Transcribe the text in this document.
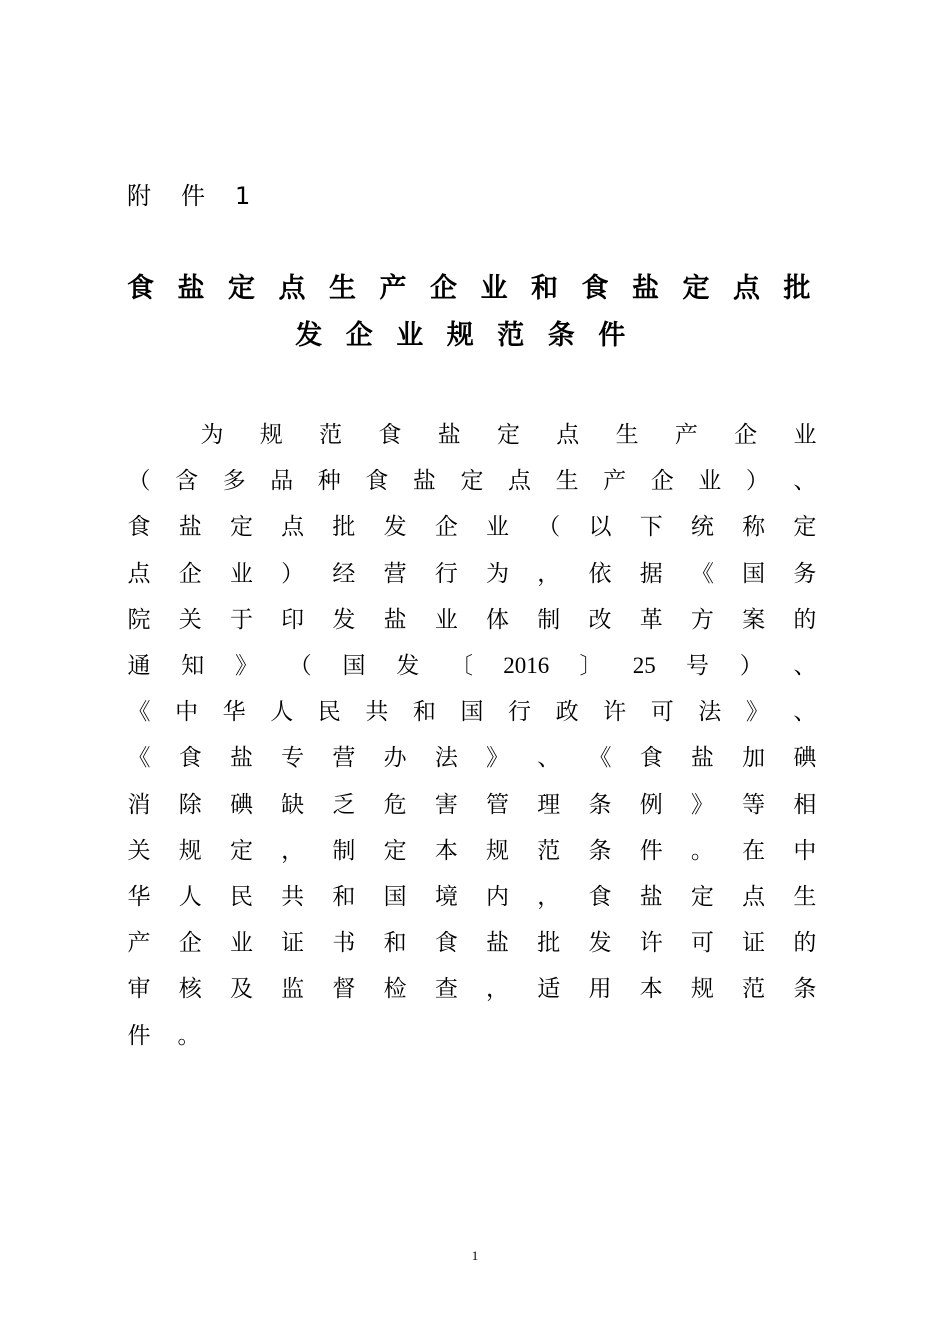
附 件 1
食盐定点生产企业和食盐定点批
发企业规范条件
为 规 范 食 盐 定 点 生 产 企 业
（ 含 多 品 种 食 盐 定 点 生 产 企 业 ） 、
食 盐 定 点 批 发 企 业 （ 以 下 统 称 定
点 企 业 ） 经 营 行 为 ， 依 据 《 国 务
院 关 于 印 发 盐 业 体 制 改 革 方 案 的
通 知 》 （ 国 发 〔 2016 〕 25 号 ） 、
《 中 华 人 民 共 和 国 行 政 许 可 法 》 、
《 食 盐 专 营 办 法 》 、 《 食 盐 加 碘
消 除 碘 缺 乏 危 害 管 理 条 例 》 等 相
关 规 定 ， 制 定 本 规 范 条 件 。 在 中
华 人 民 共 和 国 境 内 ， 食 盐 定 点 生
产 企 业 证 书 和 食 盐 批 发 许 可 证 的
审 核 及 监 督 检 查 ， 适 用 本 规 范 条
件 。
1
